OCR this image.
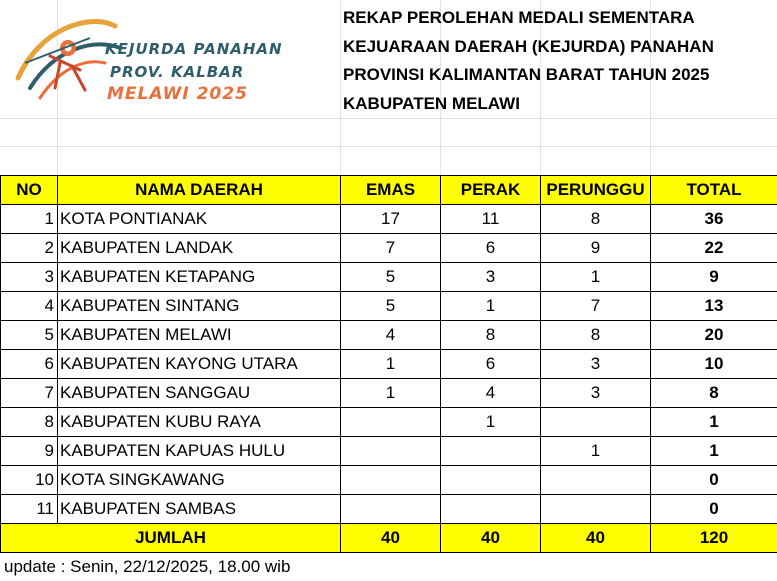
KEJURDA PANAHAN
PROV. KALBAR
MELAWI 2025
REKAP PEROLEHAN MEDALI SEMENTARA
KEJUARAAN DAERAH (KEJURDA) PANAHAN
PROVINSI KALIMANTAN BARAT TAHUN 2025
KABUPATEN MELAWI
NO	NAMA DAERAH	EMAS	PERAK	PERUNGGU	TOTAL
1	KOTA PONTIANAK	17	11	8	36
2	KABUPATEN LANDAK	7	6	9	22
3	KABUPATEN KETAPANG	5	3	1	9
4	KABUPATEN SINTANG	5	1	7	13
5	KABUPATEN MELAWI	4	8	8	20
6	KABUPATEN KAYONG UTARA	1	6	3	10
7	KABUPATEN SANGGAU	1	4	3	8
8	KABUPATEN KUBU RAYA		1		1
9	KABUPATEN KAPUAS HULU			1	1
10	KOTA SINGKAWANG				0
11	KABUPATEN SAMBAS				0
JUMLAH		40	40	40	120
update : Senin, 22/12/2025, 18.00 wib
